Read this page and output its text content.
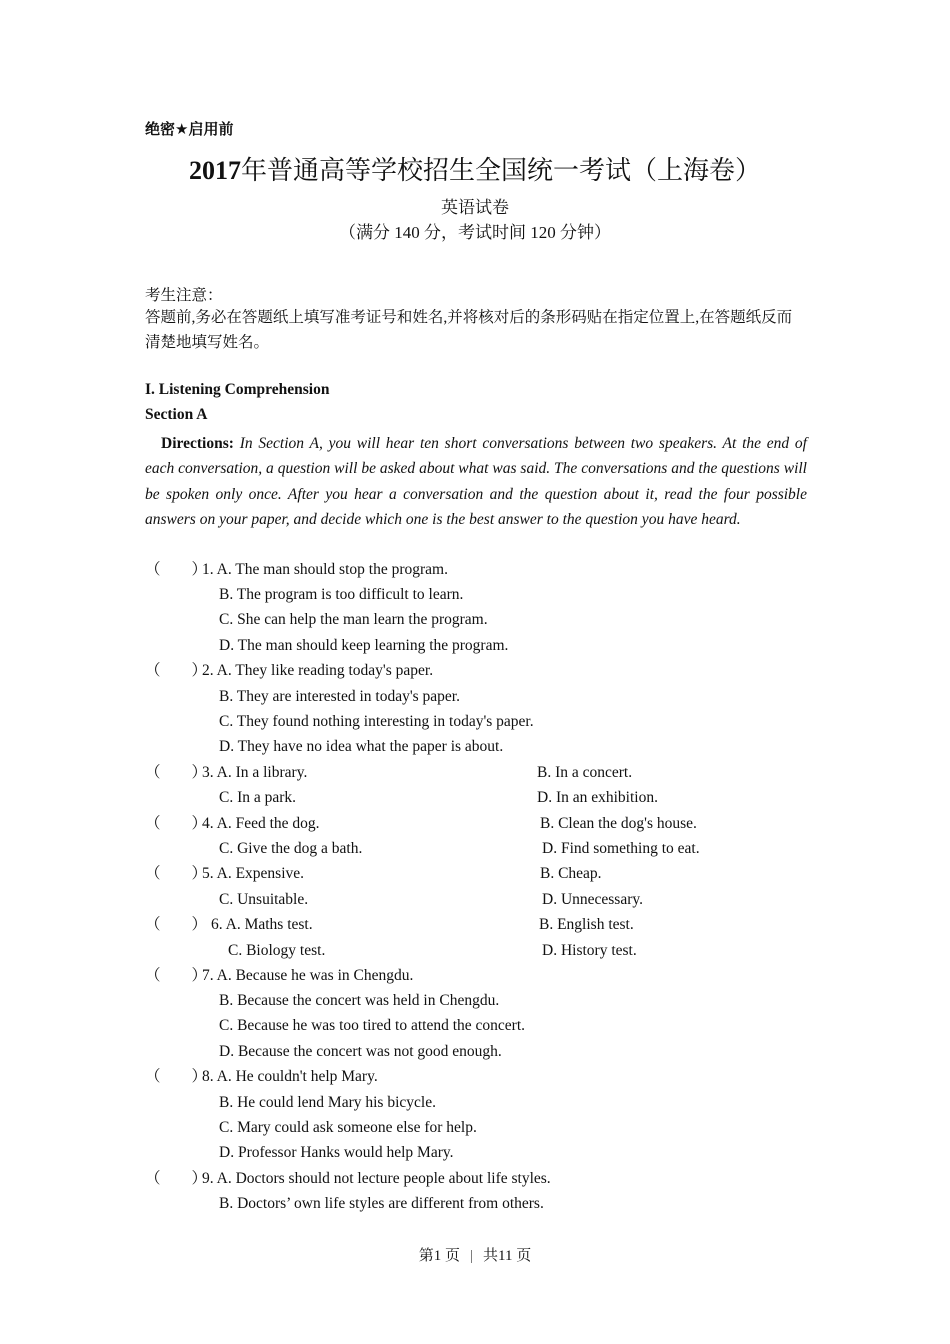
绝密★启用前
2017年普通高等学校招生全国统一考试（上海卷）
英语试卷
（满分 140 分，考试时间 120 分钟）
考生注意：
答题前,务必在答题纸上填写准考证号和姓名,并将核对后的条形码贴在指定位置上,在答题纸反而清楚地填写姓名。
I. Listening Comprehension
Section A
Directions: In Section A, you will hear ten short conversations between two speakers. At the end of each conversation, a question will be asked about what was said. The conversations and the questions will be spoken only once. After you hear a conversation and the question about it, read the four possible answers on your paper, and decide which one is the best answer to the question you have heard.
（　　）
1. A. The man should stop the program.
B. The program is too difficult to learn.
C. She can help the man learn the program.
D. The man should keep learning the program.
（　　）
2. A. They like reading today's paper.
B. They are interested in today's paper.
C. They found nothing interesting in today's paper.
D. They have no idea what the paper is about.
（　　）
3. A. In a library.	B. In a concert.
C. In a park.	D. In an exhibition.
（　　）
4. A. Feed the dog.	B. Clean the dog's house.
C. Give the dog a bath.	D. Find something to eat.
（　　）
5. A. Expensive.	B. Cheap.
C. Unsuitable.	D. Unnecessary.
（　　） 6. A. Maths test.	B. English test.
C. Biology test.	D. History test.
（　　）
7. A. Because he was in Chengdu.
B. Because the concert was held in Chengdu.
C. Because he was too tired to attend the concert.
D. Because the concert was not good enough.
（　　）
8. A. He couldn't help Mary.
B. He could lend Mary his bicycle.
C. Mary could ask someone else for help.
D. Professor Hanks would help Mary.
（　　）
9. A. Doctors should not lecture people about life styles.
B. Doctors’ own life styles are different from others.
第1 页 | 共11 页
